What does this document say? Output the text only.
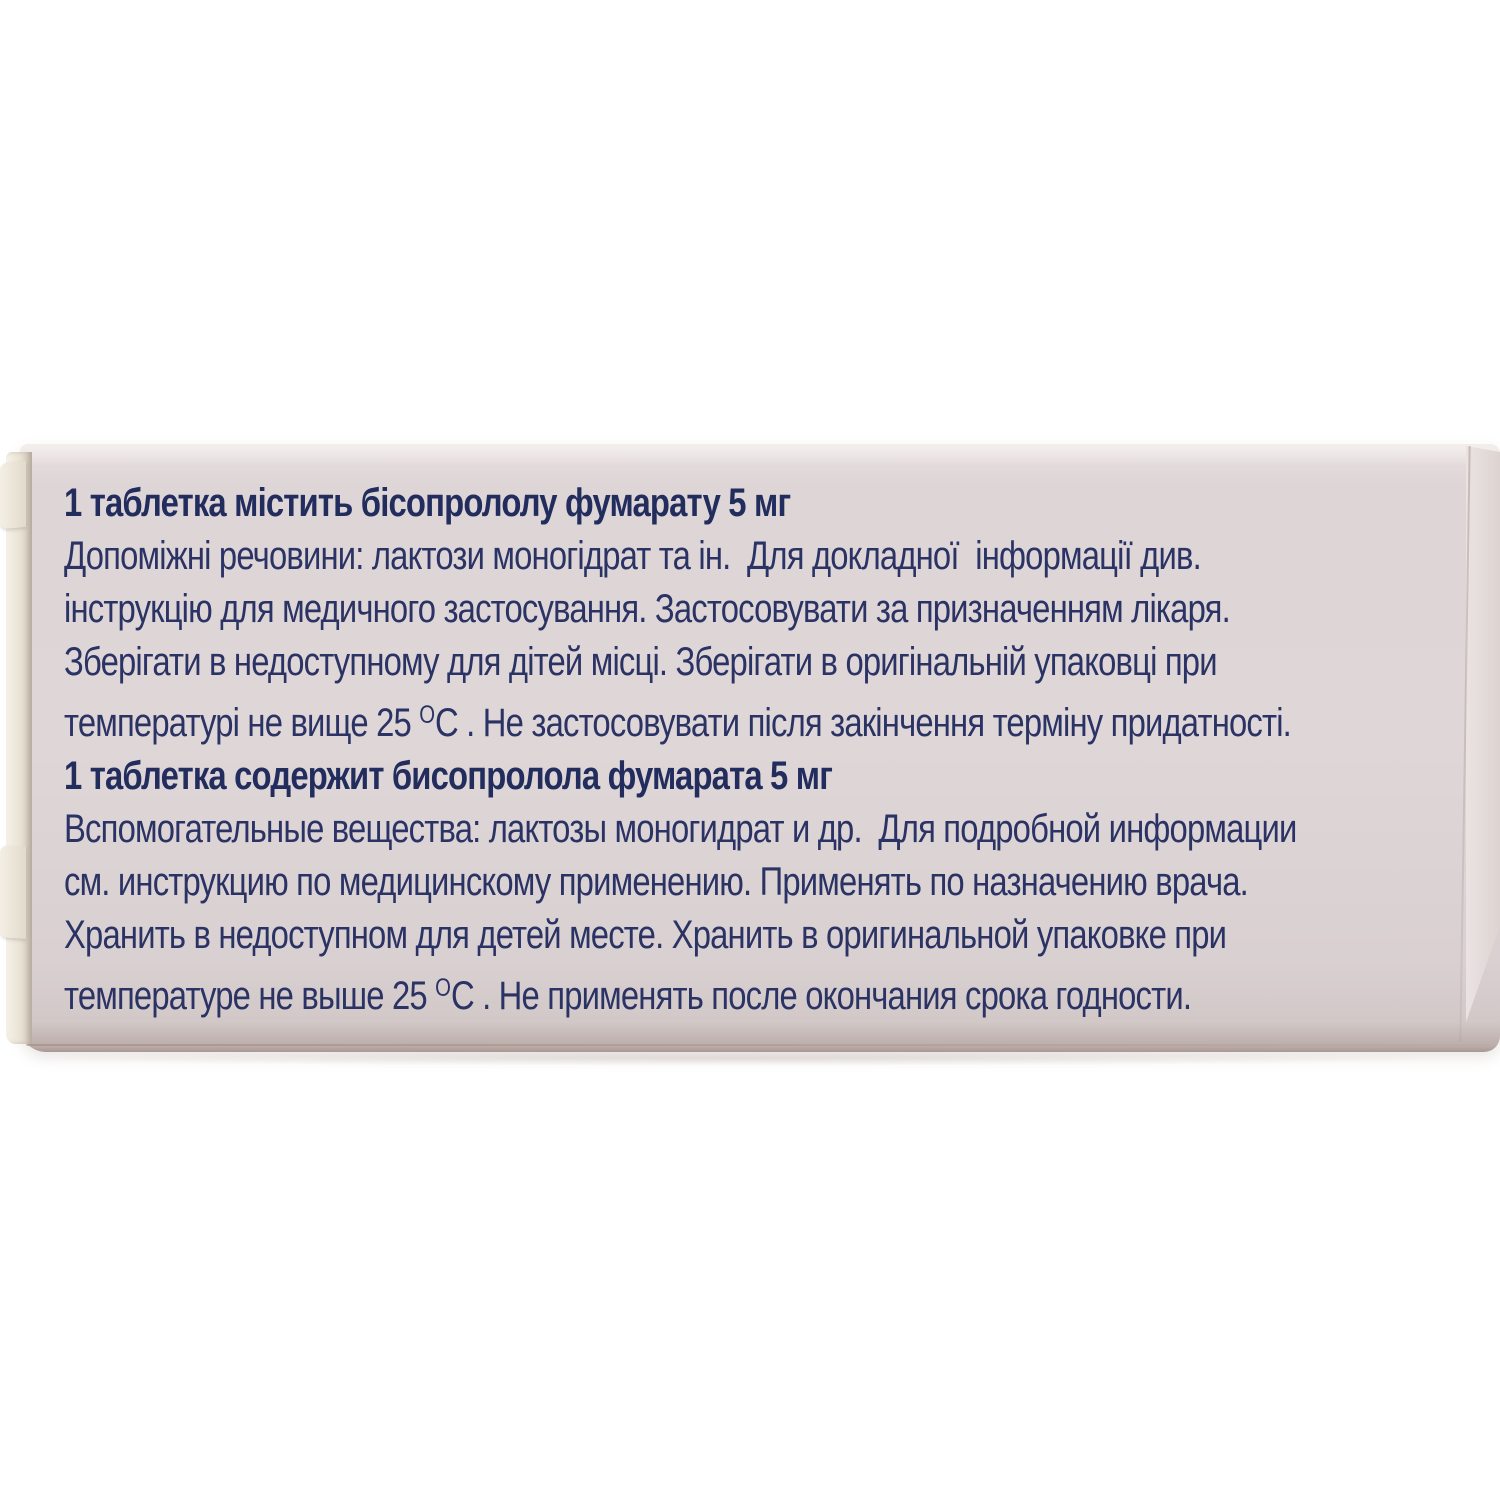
1 таблетка містить бісопрололу фумарату 5 мг
Допоміжні речовини: лактози моногідрат та ін.  Для докладної  інформації див.
інструкцію для медичного застосування. Застосовувати за призначенням лікаря.
Зберігати в недоступному для дітей місці. Зберігати в оригінальній упаковці при
температурі не вище 25 $^О$С . Не застосовувати після закінчення терміну придатності.
1 таблетка содержит бисопролола фумарата 5 мг
Вспомогательные вещества: лактозы моногидрат и др.  Для подробной информации
см. инструкцию по медицинскому применению. Применять по назначению врача.
Хранить в недоступном для детей месте. Хранить в оригинальной упаковке при
температуре не выше 25 $^О$С . Не применять после окончания срока годности.
